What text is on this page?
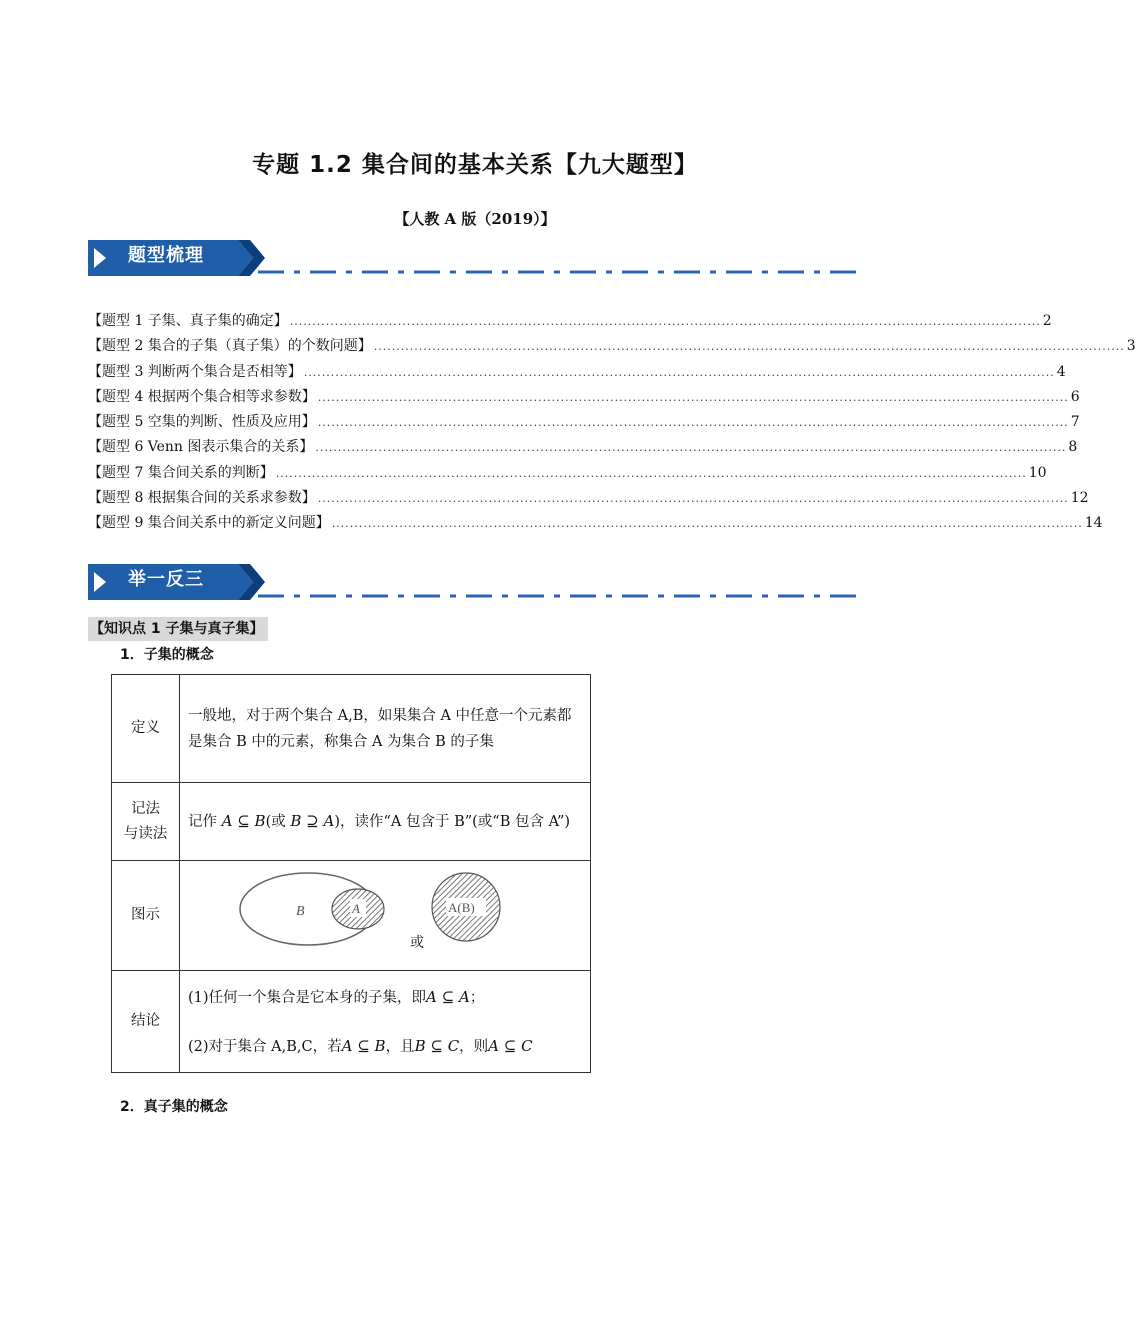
专题 1.2 集合间的基本关系【九大题型】
【人教 A 版（2019）】
题型梳理
【题型 1 子集、真子集的确定】 ....................................................................................................................................................................... 2
【题型 2 集合的子集（真子集）的个数问题】 ....................................................................................................................................................................... 3
【题型 3 判断两个集合是否相等】 ....................................................................................................................................................................... 4
【题型 4 根据两个集合相等求参数】 ....................................................................................................................................................................... 6
【题型 5 空集的判断、性质及应用】 ....................................................................................................................................................................... 7
【题型 6 Venn 图表示集合的关系】 ....................................................................................................................................................................... 8
【题型 7 集合间关系的判断】 ....................................................................................................................................................................... 10
【题型 8 根据集合间的关系求参数】 ....................................................................................................................................................................... 12
【题型 9 集合间关系中的新定义问题】 ....................................................................................................................................................................... 14
举一反三
【知识点 1 子集与真子集】
1．子集的概念
定义	一般地，对于两个集合 A,B，如果集合 A 中任意一个元素都是集合 B 中的元素，称集合 A 为集合 B 的子集
记法
与读法	记作 A ⊆ B(或 B ⊇ A)，读作“A 包含于 B”(或“B 包含 A”)
图示	B A A(B)
或

结论	(1)任何一个集合是它本身的子集，即A ⊆ A；
(2)对于集合 A,B,C，若A ⊆ B，且B ⊆ C，则A ⊆ C
2．真子集的概念
